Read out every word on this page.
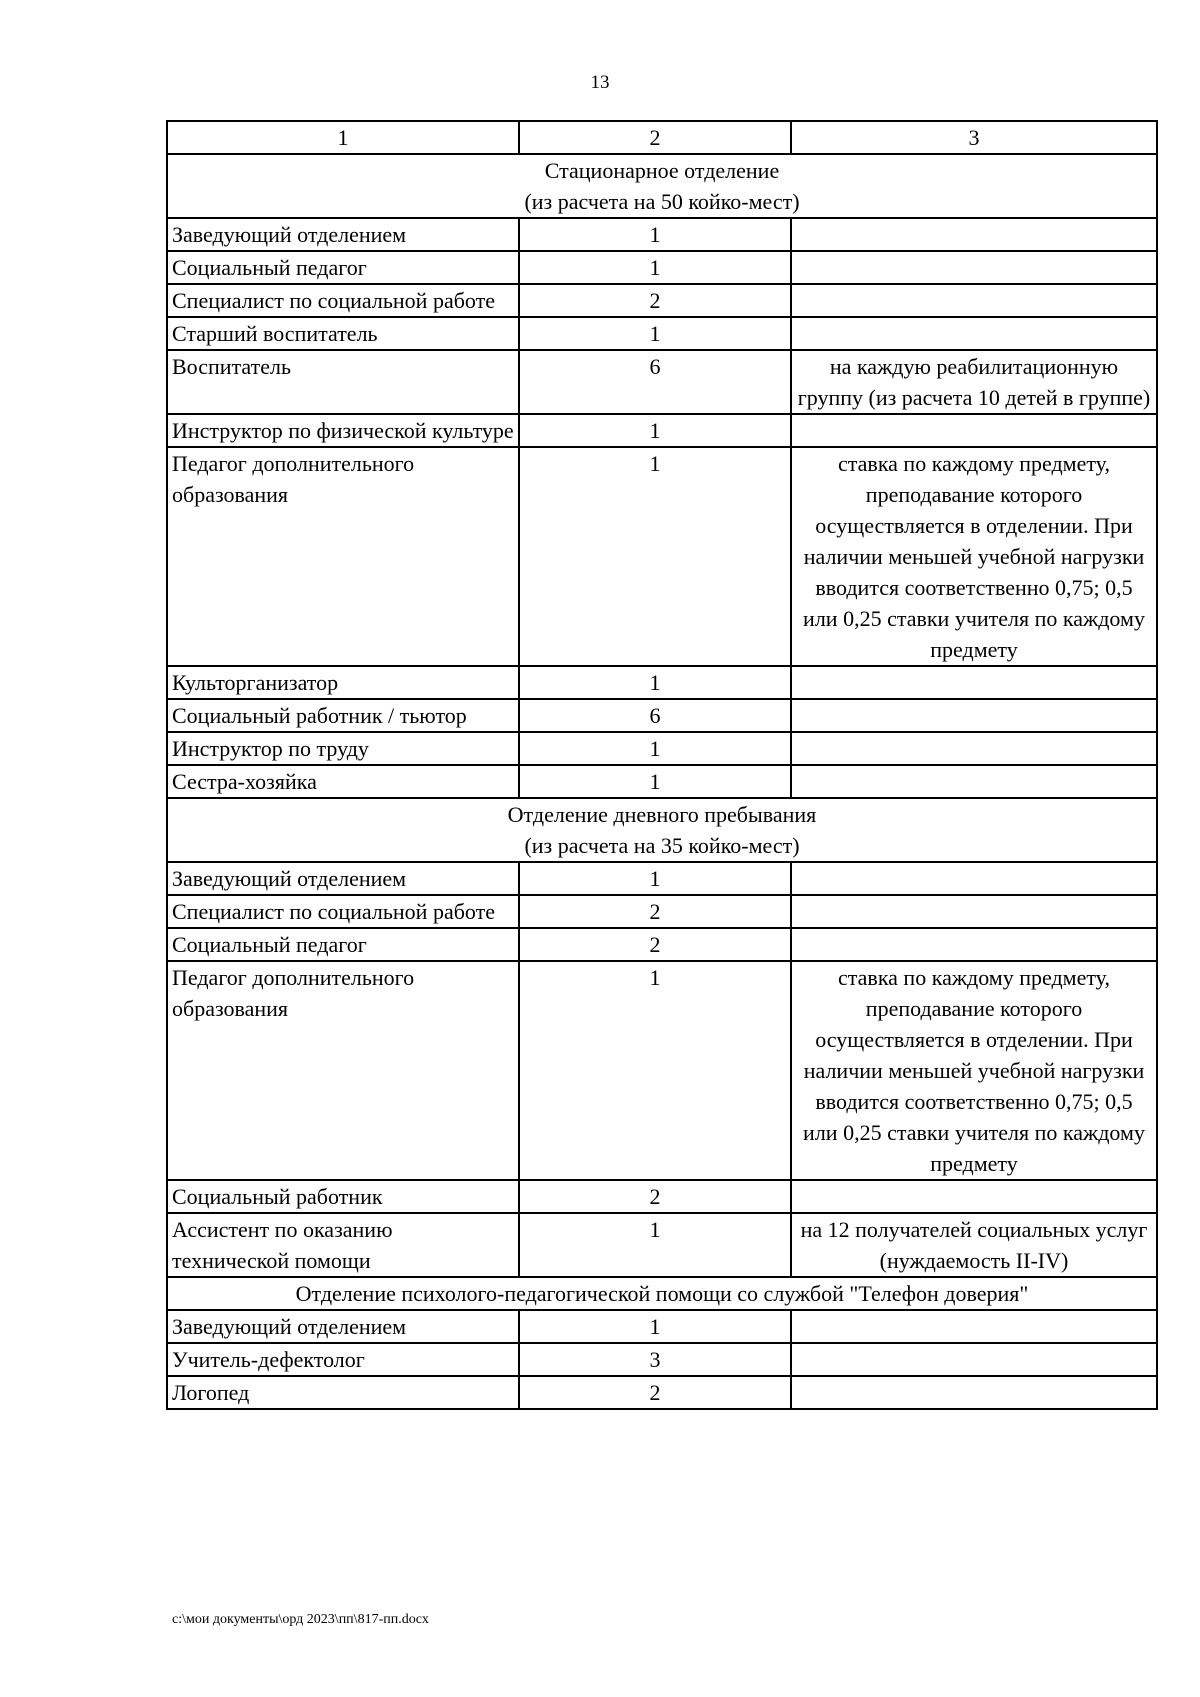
13
1	2	3

Стационарное отделение
(из расчета на 50 койко-мест)		

Заведующий отделением	1	

Социальный педагог	1	

Специалист по социальной работе	2	

Старший воспитатель	1	

Воспитатель	6	на каждую реабилитационную группу (из расчета 10 детей в группе)

Инструктор по физической культуре	1	

Педагог дополнительного образования	1	ставка по каждому предмету, преподавание которого осуществляется в отделении. При наличии меньшей учебной нагрузки вводится соответственно 0,75; 0,5 или 0,25 ставки учителя по каждому предмету

Культорганизатор	1	

Социальный работник / тьютор	6	

Инструктор по труду	1	

Сестра-хозяйка	1	

Отделение дневного пребывания
(из расчета на 35 койко-мест)		

Заведующий отделением	1	

Специалист по социальной работе	2	

Социальный педагог	2	

Педагог дополнительного образования	1	ставка по каждому предмету, преподавание которого осуществляется в отделении. При наличии меньшей учебной нагрузки вводится соответственно 0,75; 0,5 или 0,25 ставки учителя по каждому предмету

Социальный работник	2	

Ассистент по оказанию технической помощи	1	на 12 получателей социальных услуг (нуждаемость II-IV)

Отделение психолого-педагогической помощи со службой "Телефон доверия"		

Заведующий отделением	1	

Учитель-дефектолог	3	

Логопед	2	
c:\мои документы\орд 2023\пп\817-пп.docx
